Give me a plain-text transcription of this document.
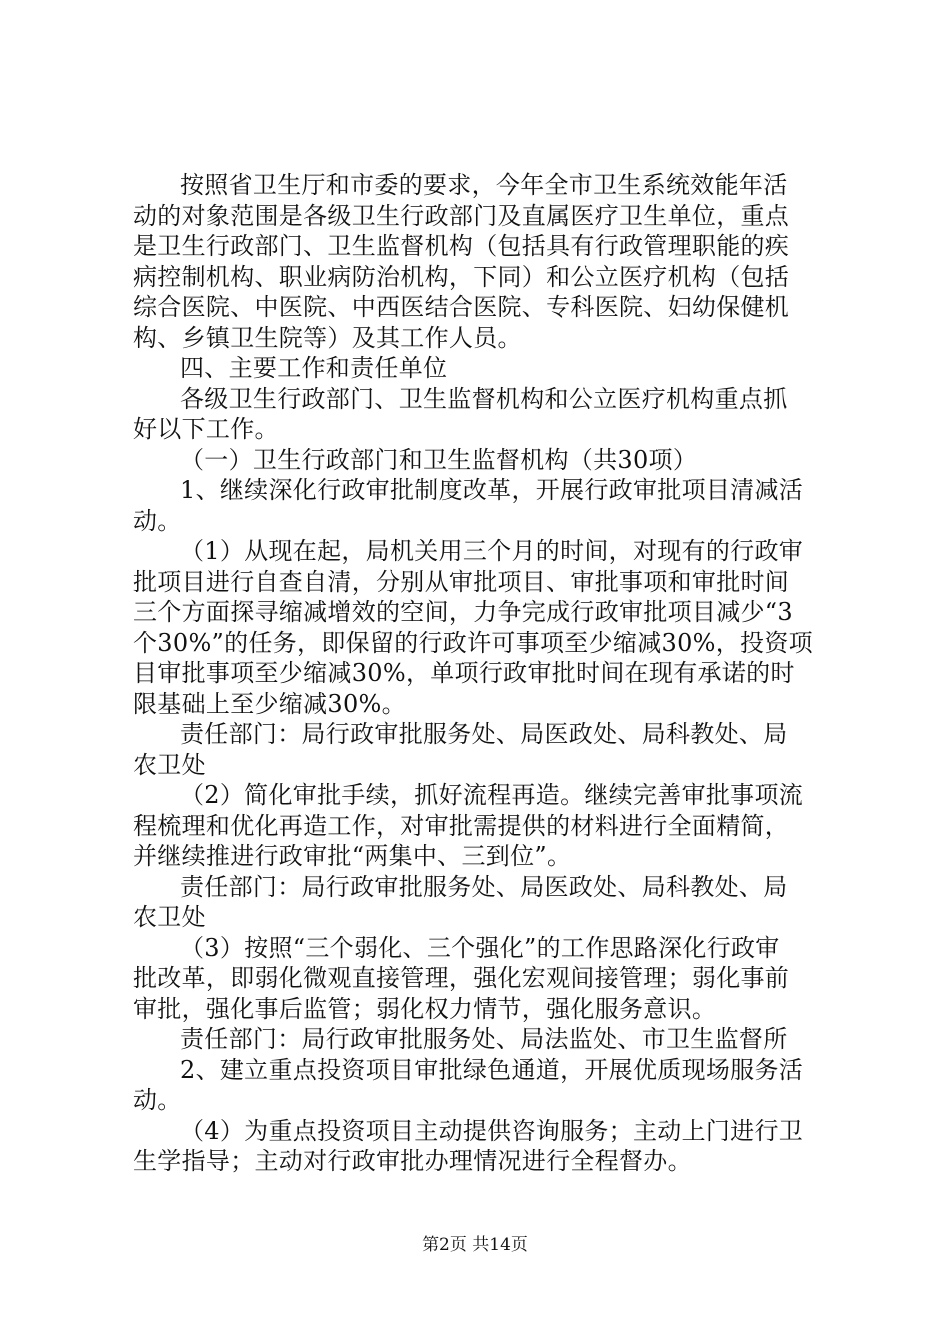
按照省卫生厅和市委的要求，今年全市卫生系统效能年活
动的对象范围是各级卫生行政部门及直属医疗卫生单位，重点
是卫生行政部门、卫生监督机构（包括具有行政管理职能的疾
病控制机构、职业病防治机构，下同）和公立医疗机构（包括
综合医院、中医院、中西医结合医院、专科医院、妇幼保健机
构、乡镇卫生院等）及其工作人员。
四、主要工作和责任单位
各级卫生行政部门、卫生监督机构和公立医疗机构重点抓
好以下工作。
（一）卫生行政部门和卫生监督机构（共30项）
1、继续深化行政审批制度改革，开展行政审批项目清减活
动。
（1）从现在起，局机关用三个月的时间，对现有的行政审
批项目进行自查自清，分别从审批项目、审批事项和审批时间
三个方面探寻缩减增效的空间，力争完成行政审批项目减少“3
个30%”的任务，即保留的行政许可事项至少缩减30%，投资项
目审批事项至少缩减30%，单项行政审批时间在现有承诺的时
限基础上至少缩减30%。
责任部门：局行政审批服务处、局医政处、局科教处、局
农卫处
（2）简化审批手续，抓好流程再造。继续完善审批事项流
程梳理和优化再造工作，对审批需提供的材料进行全面精简，
并继续推进行政审批“两集中、三到位”。
责任部门：局行政审批服务处、局医政处、局科教处、局
农卫处
（3）按照“三个弱化、三个强化”的工作思路深化行政审
批改革，即弱化微观直接管理，强化宏观间接管理；弱化事前
审批，强化事后监管；弱化权力情节，强化服务意识。
责任部门：局行政审批服务处、局法监处、市卫生监督所
2、建立重点投资项目审批绿色通道，开展优质现场服务活
动。
（4）为重点投资项目主动提供咨询服务；主动上门进行卫
生学指导；主动对行政审批办理情况进行全程督办。
第2页 共14页
